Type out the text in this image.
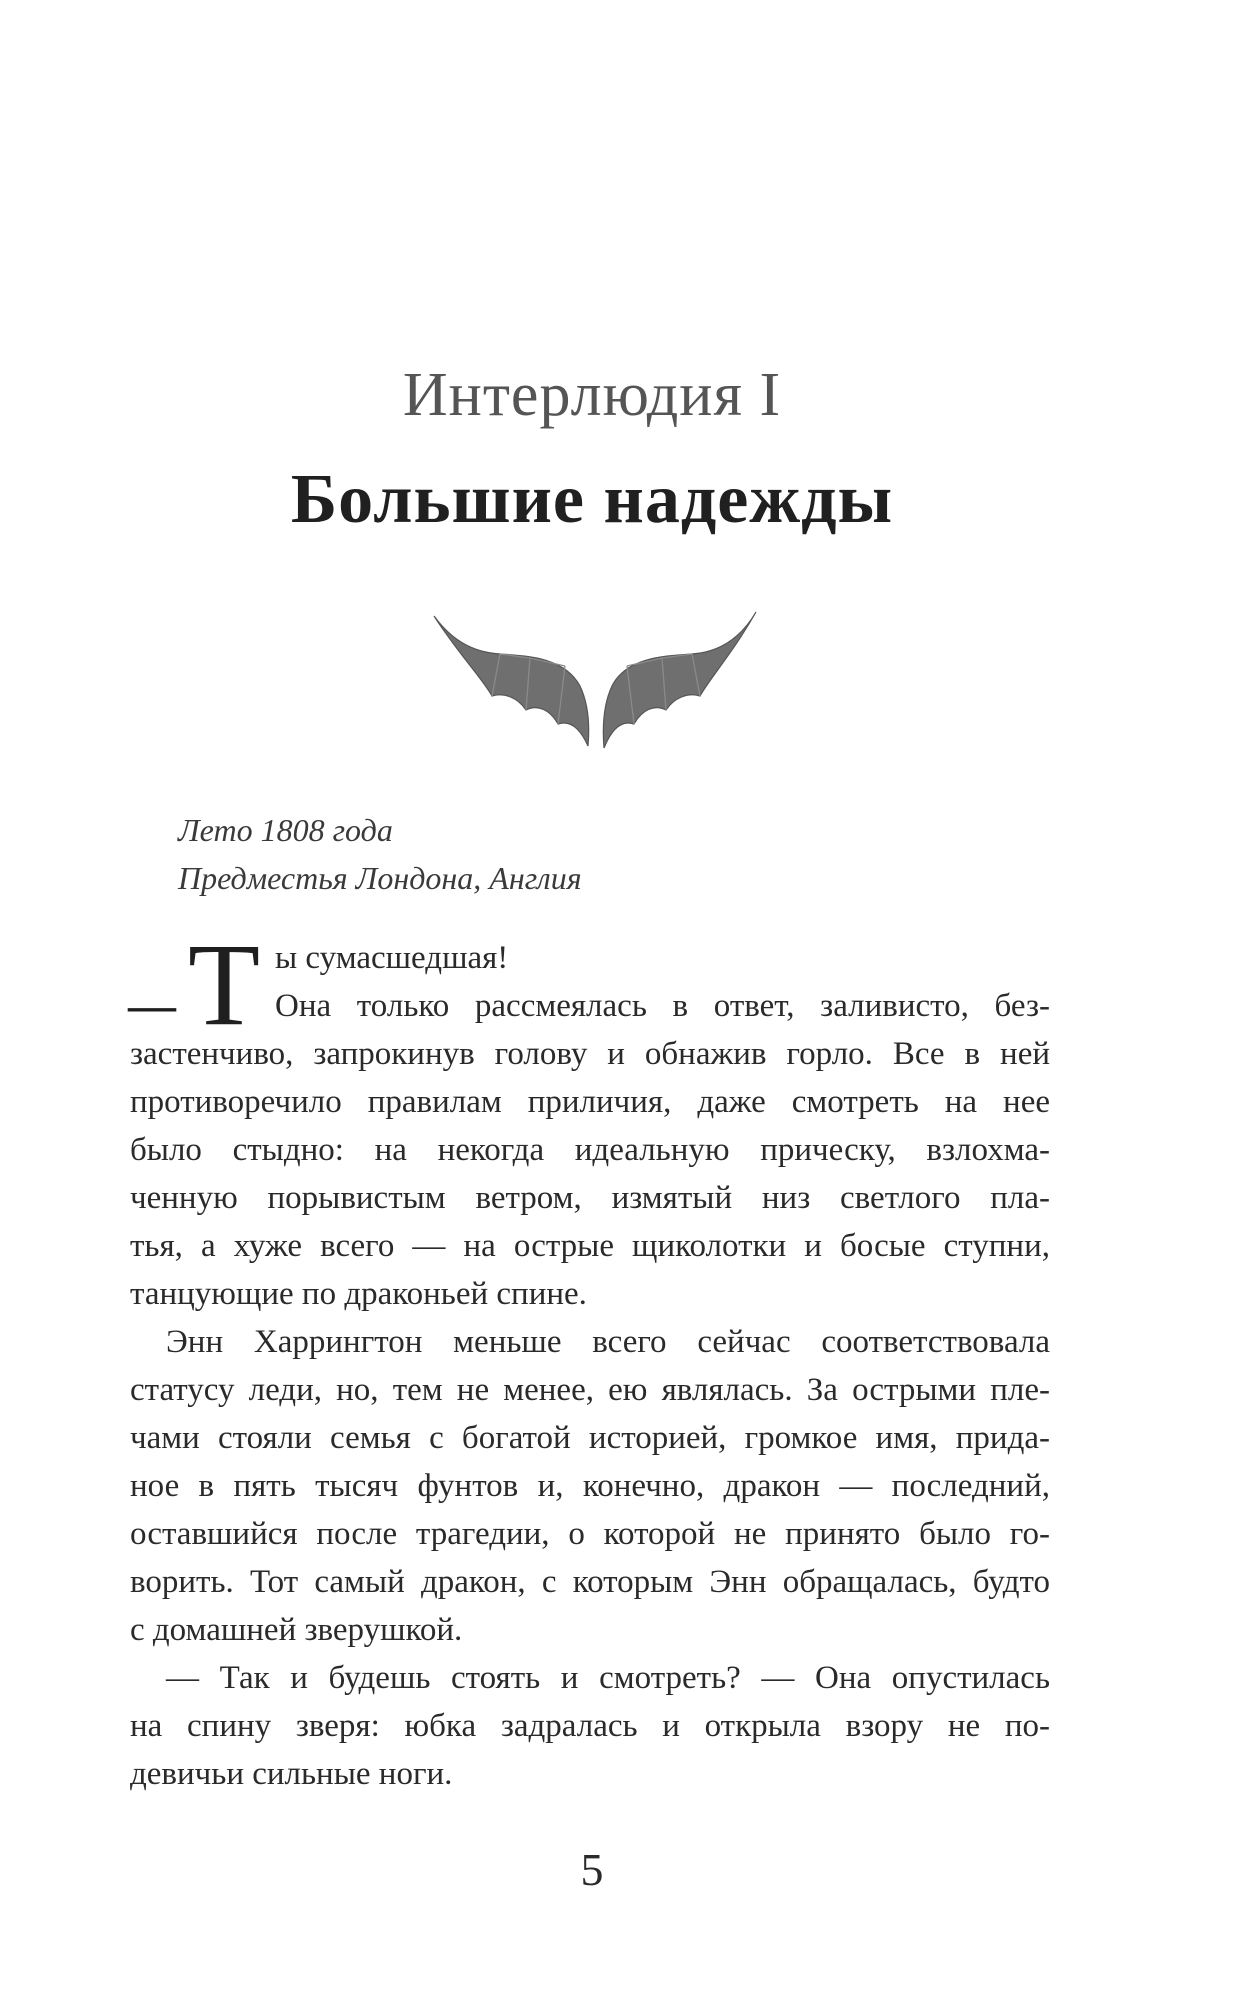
Интерлюдия I
Большие надежды
Лето 1808 года
Предместья Лондона, Англия
— Т ы сумасшедшая!
Она только рассмеялась в ответ, заливисто, без-
застенчиво, запрокинув голову и обнажив горло. Все в ней
противоречило правилам приличия, даже смотреть на нее
было стыдно: на некогда идеальную прическу, взлохма-
ченную порывистым ветром, измятый низ светлого пла-
тья, а хуже всего — на острые щиколотки и босые ступни,
танцующие по драконьей спине.
Энн Харрингтон меньше всего сейчас соответствовала
статусу леди, но, тем не менее, ею являлась. За острыми пле-
чами стояли семья с богатой историей, громкое имя, прида-
ное в пять тысяч фунтов и, конечно, дракон — последний,
оставшийся после трагедии, о которой не принято было го-
ворить. Тот самый дракон, с которым Энн обращалась, будто
с домашней зверушкой.
— Так и будешь стоять и смотреть? — Она опустилась
на спину зверя: юбка задралась и открыла взору не по-
девичьи сильные ноги.
5
